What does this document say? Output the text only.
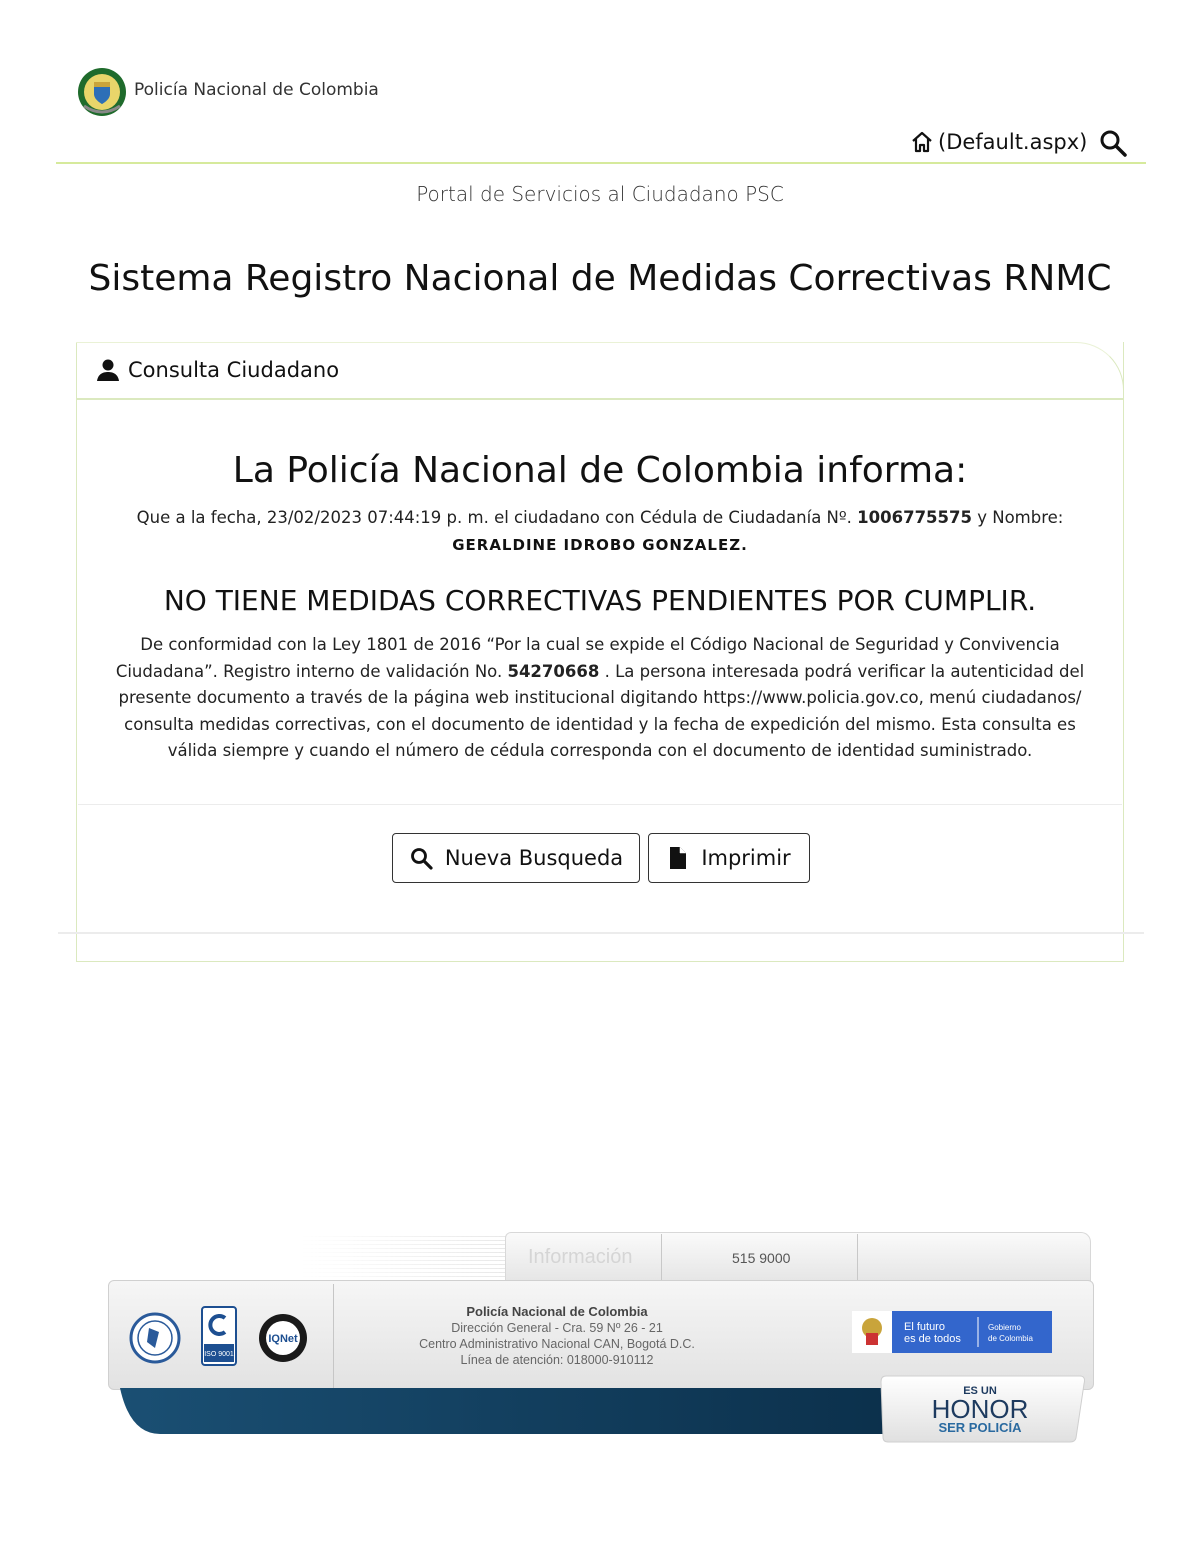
Policía Nacional de Colombia
(Default.aspx)
Portal de Servicios al Ciudadano PSC
Sistema Registro Nacional de Medidas Correctivas RNMC
Consulta Ciudadano
La Policía Nacional de Colombia informa:
Que a la fecha, 23/02/2023 07:44:19 p. m. el ciudadano con Cédula de Ciudadanía Nº. 1006775575 y Nombre:
GERALDINE IDROBO GONZALEZ.
NO TIENE MEDIDAS CORRECTIVAS PENDIENTES POR CUMPLIR.
De conformidad con la Ley 1801 de 2016 “Por la cual se expide el Código Nacional de Seguridad y Convivencia Ciudadana”. Registro interno de validación No. 54270668 . La persona interesada podrá verificar la autenticidad del presente documento a través de la página web institucional digitando https://www.policia.gov.co, menú ciudadanos/ consulta medidas correctivas, con el documento de identidad y la fecha de expedición del mismo. Esta consulta es válida siempre y cuando el número de cédula corresponda con el documento de identidad suministrado.
Nueva Busqueda	Imprimir
Información	515 9000
ISO 9001
IQNet
Policía Nacional de Colombia
Dirección General - Cra. 59 Nº 26 - 21
Centro Administrativo Nacional CAN, Bogotá D.C.
Línea de atención: 018000-910112
El futuro
es de todos
Gobierno
de Colombia
ES UN
HONOR
SER POLICÍA
